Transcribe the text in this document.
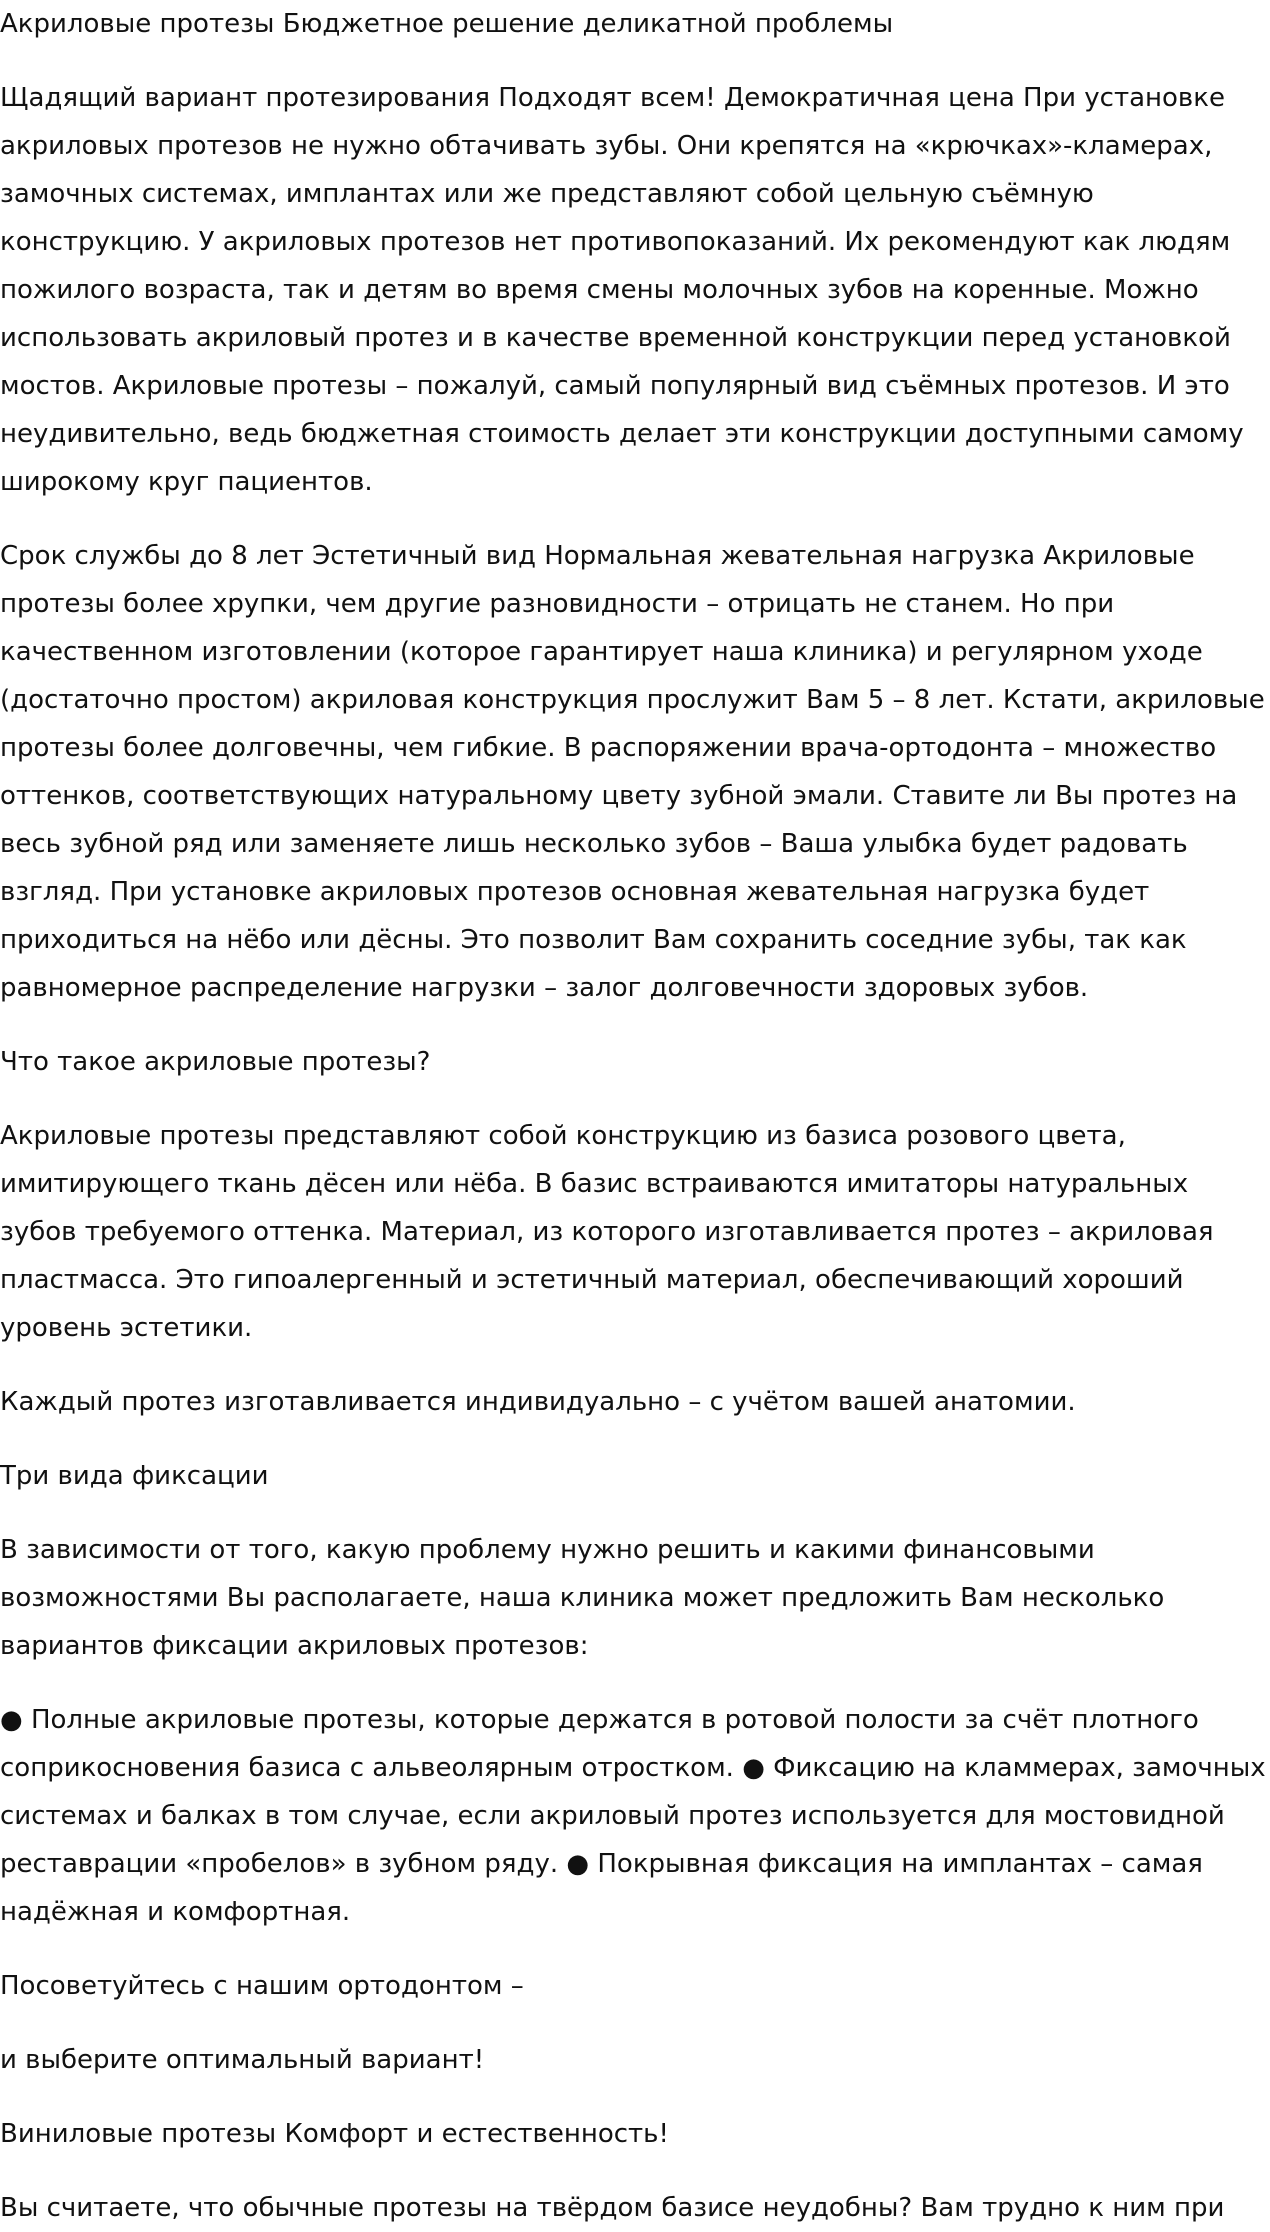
Акриловые протезы Бюджетное решение деликатной проблемы

Щадящий вариант протезирования Подходят всем! Демократичная цена При установке акриловых протезов не нужно обтачивать зубы. Они крепятся на «крючках»-кламерах, замочных системах, имплантах или же представляют собой цельную съёмную конструкцию. У акриловых протезов нет противопоказаний. Их рекомендуют как людям пожилого возраста, так и детям во время смены молочных зубов на коренные. Можно использовать акриловый протез и в качестве временной конструкции перед установкой мостов. Акриловые протезы – пожалуй, самый популярный вид съёмных протезов. И это неудивительно, ведь бюджетная стоимость делает эти конструкции доступными самому широкому круг пациентов.

Срок службы до 8 лет Эстетичный вид Нормальная жевательная нагрузка Акриловые протезы более хрупки, чем другие разновидности – отрицать не станем. Но при качественном изготовлении (которое гарантирует наша клиника) и регулярном уходе (достаточно простом) акриловая конструкция прослужит Вам 5 – 8 лет. Кстати, акриловые протезы более долговечны, чем гибкие. В распоряжении врача-ортодонта – множество оттенков, соответствующих натуральному цвету зубной эмали. Ставите ли Вы протез на весь зубной ряд или заменяете лишь несколько зубов – Ваша улыбка будет радовать взгляд. При установке акриловых протезов основная жевательная нагрузка будет приходиться на нёбо или дёсны. Это позволит Вам сохранить соседние зубы, так как равномерное распределение нагрузки – залог долговечности здоровых зубов.

Что такое акриловые протезы?

Акриловые протезы представляют собой конструкцию из базиса розового цвета, имитирующего ткань дёсен или нёба. В базис встраиваются имитаторы натуральных зубов требуемого оттенка. Материал, из которого изготавливается протез – акриловая пластмасса. Это гипоалергенный и эстетичный материал, обеспечивающий хороший уровень эстетики.

Каждый протез изготавливается индивидуально – с учётом вашей анатомии.

Три вида фиксации

В зависимости от того, какую проблему нужно решить и какими финансовыми возможностями Вы располагаете, наша клиника может предложить Вам несколько вариантов фиксации акриловых протезов:

● Полные акриловые протезы, которые держатся в ротовой полости за счёт плотного соприкосновения базиса с альвеолярным отростком. ● Фиксацию на кламмерах, замочных системах и балках в том случае, если акриловый протез используется для мостовидной реставрации «пробелов» в зубном ряду. ● Покрывная фиксация на имплантах – самая надёжная и комфортная.

Посоветуйтесь с нашим ортодонтом –

и выберите оптимальный вариант!

Виниловые протезы Комфорт и естественность!

Вы считаете, что обычные протезы на твёрдом базисе неудобны? Вам трудно к ним при
